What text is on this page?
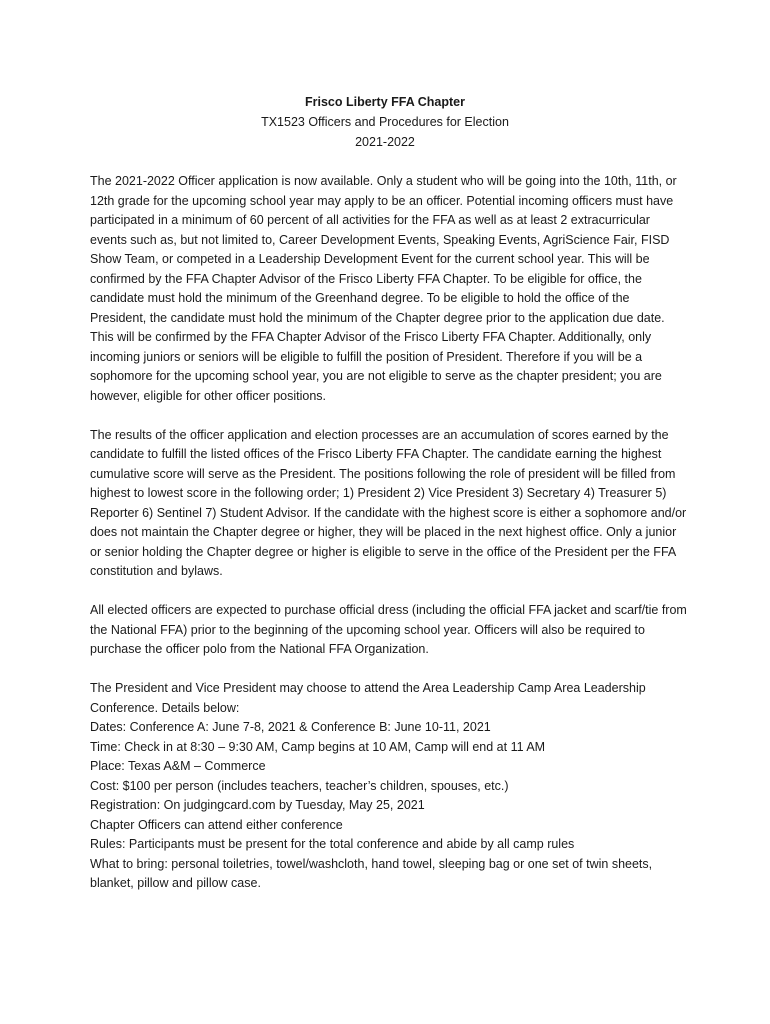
Frisco Liberty FFA Chapter
TX1523 Officers and Procedures for Election
2021-2022

The 2021-2022 Officer application is now available. Only a student who will be going into the 10th, 11th, or 12th grade for the upcoming school year may apply to be an officer. Potential incoming officers must have participated in a minimum of 60 percent of all activities for the FFA as well as at least 2 extracurricular events such as, but not limited to, Career Development Events, Speaking Events, AgriScience Fair, FISD Show Team, or competed in a Leadership Development Event for the current school year. This will be confirmed by the FFA Chapter Advisor of the Frisco Liberty FFA Chapter. To be eligible for office, the candidate must hold the minimum of the Greenhand degree. To be eligible to hold the office of the President, the candidate must hold the minimum of the Chapter degree prior to the application due date. This will be confirmed by the FFA Chapter Advisor of the Frisco Liberty FFA Chapter. Additionally, only incoming juniors or seniors will be eligible to fulfill the position of President. Therefore if you will be a sophomore for the upcoming school year, you are not eligible to serve as the chapter president; you are however, eligible for other officer positions.

The results of the officer application and election processes are an accumulation of scores earned by the candidate to fulfill the listed offices of the Frisco Liberty FFA Chapter. The candidate earning the highest cumulative score will serve as the President. The positions following the role of president will be filled from highest to lowest score in the following order; 1) President 2) Vice President 3) Secretary 4) Treasurer 5) Reporter 6) Sentinel 7) Student Advisor. If the candidate with the highest score is either a sophomore and/or does not maintain the Chapter degree or higher, they will be placed in the next highest office. Only a junior or senior holding the Chapter degree or higher is eligible to serve in the office of the President per the FFA constitution and bylaws.

All elected officers are expected to purchase official dress (including the official FFA jacket and scarf/tie from the National FFA) prior to the beginning of the upcoming school year. Officers will also be required to purchase the officer polo from the National FFA Organization.

The President and Vice President may choose to attend the Area Leadership Camp Area Leadership Conference. Details below:
Dates: Conference A: June 7-8, 2021 & Conference B: June 10-11, 2021
Time: Check in at 8:30 – 9:30 AM, Camp begins at 10 AM, Camp will end at 11 AM
Place: Texas A&M – Commerce
Cost: $100 per person (includes teachers, teacher’s children, spouses, etc.)
Registration: On judgingcard.com by Tuesday, May 25, 2021
Chapter Officers can attend either conference
Rules: Participants must be present for the total conference and abide by all camp rules
What to bring: personal toiletries, towel/washcloth, hand towel, sleeping bag or one set of twin sheets, blanket, pillow and pillow case.
